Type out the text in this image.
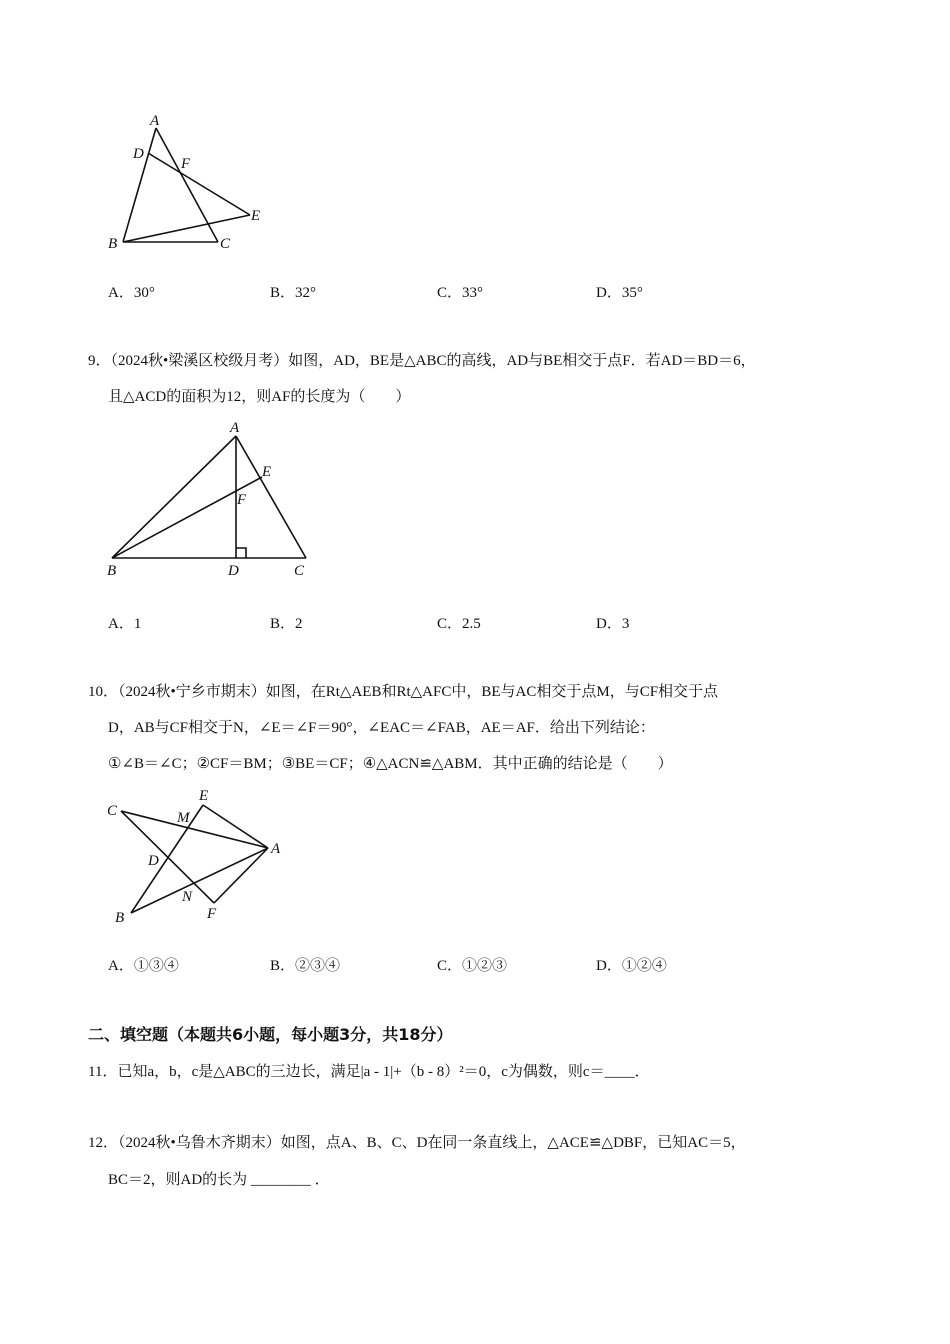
A
D
F
E
B	C
A．30°	B．32°	C．33°	D．35°
9．（2024秋•梁溪区校级月考）如图，AD，BE是△ABC的高线，AD与BE相交于点F．若AD＝BD＝6，
且△ACD的面积为12，则AF的长度为（　　）
A
E
F
B	D	C
A．1	B．2	C．2.5	D．3
10．（2024秋•宁乡市期末）如图，在Rt△AEB和Rt△AFC中，BE与AC相交于点M，与CF相交于点
D，AB与CF相交于N，∠E＝∠F＝90°，∠EAC＝∠FAB，AE＝AF．给出下列结论：
①∠B＝∠C；②CF＝BM；③BE＝CF；④△ACN≌△ABM．其中正确的结论是（　　）
C
E
M
A
D
N
F
B
A．①③④	B．②③④	C．①②③	D．①②④
二、填空题（本题共6小题，每小题3分，共18分）
11．已知a，b，c是△ABC的三边长，满足|a - 1|+（b - 8）²＝0，c为偶数，则c＝____．
12．（2024秋•乌鲁木齐期末）如图，点A、B、C、D在同一条直线上，△ACE≌△DBF，已知AC＝5，
BC＝2，则AD的长为 ________ ．
